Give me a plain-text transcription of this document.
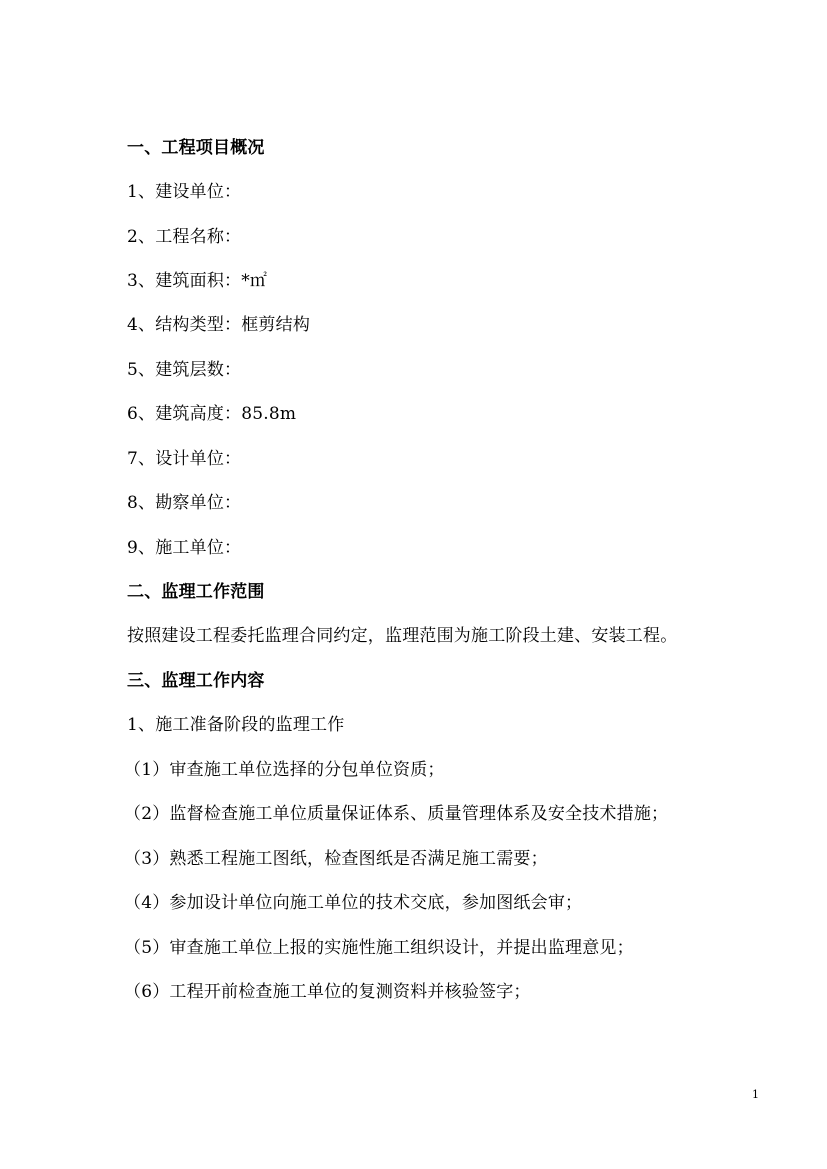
一、工程项目概况
1、建设单位：
2、工程名称：
3、建筑面积：*㎡
4、结构类型：框剪结构
5、建筑层数：
6、建筑高度：85.8m
7、设计单位：
8、勘察单位：
9、施工单位：
二、监理工作范围
按照建设工程委托监理合同约定，监理范围为施工阶段土建、安装工程。
三、监理工作内容
1、施工准备阶段的监理工作
（1）审查施工单位选择的分包单位资质；
（2）监督检查施工单位质量保证体系、质量管理体系及安全技术措施；
（3）熟悉工程施工图纸，检查图纸是否满足施工需要；
（4）参加设计单位向施工单位的技术交底，参加图纸会审；
（5）审查施工单位上报的实施性施工组织设计，并提出监理意见；
（6）工程开前检查施工单位的复测资料并核验签字；
1
